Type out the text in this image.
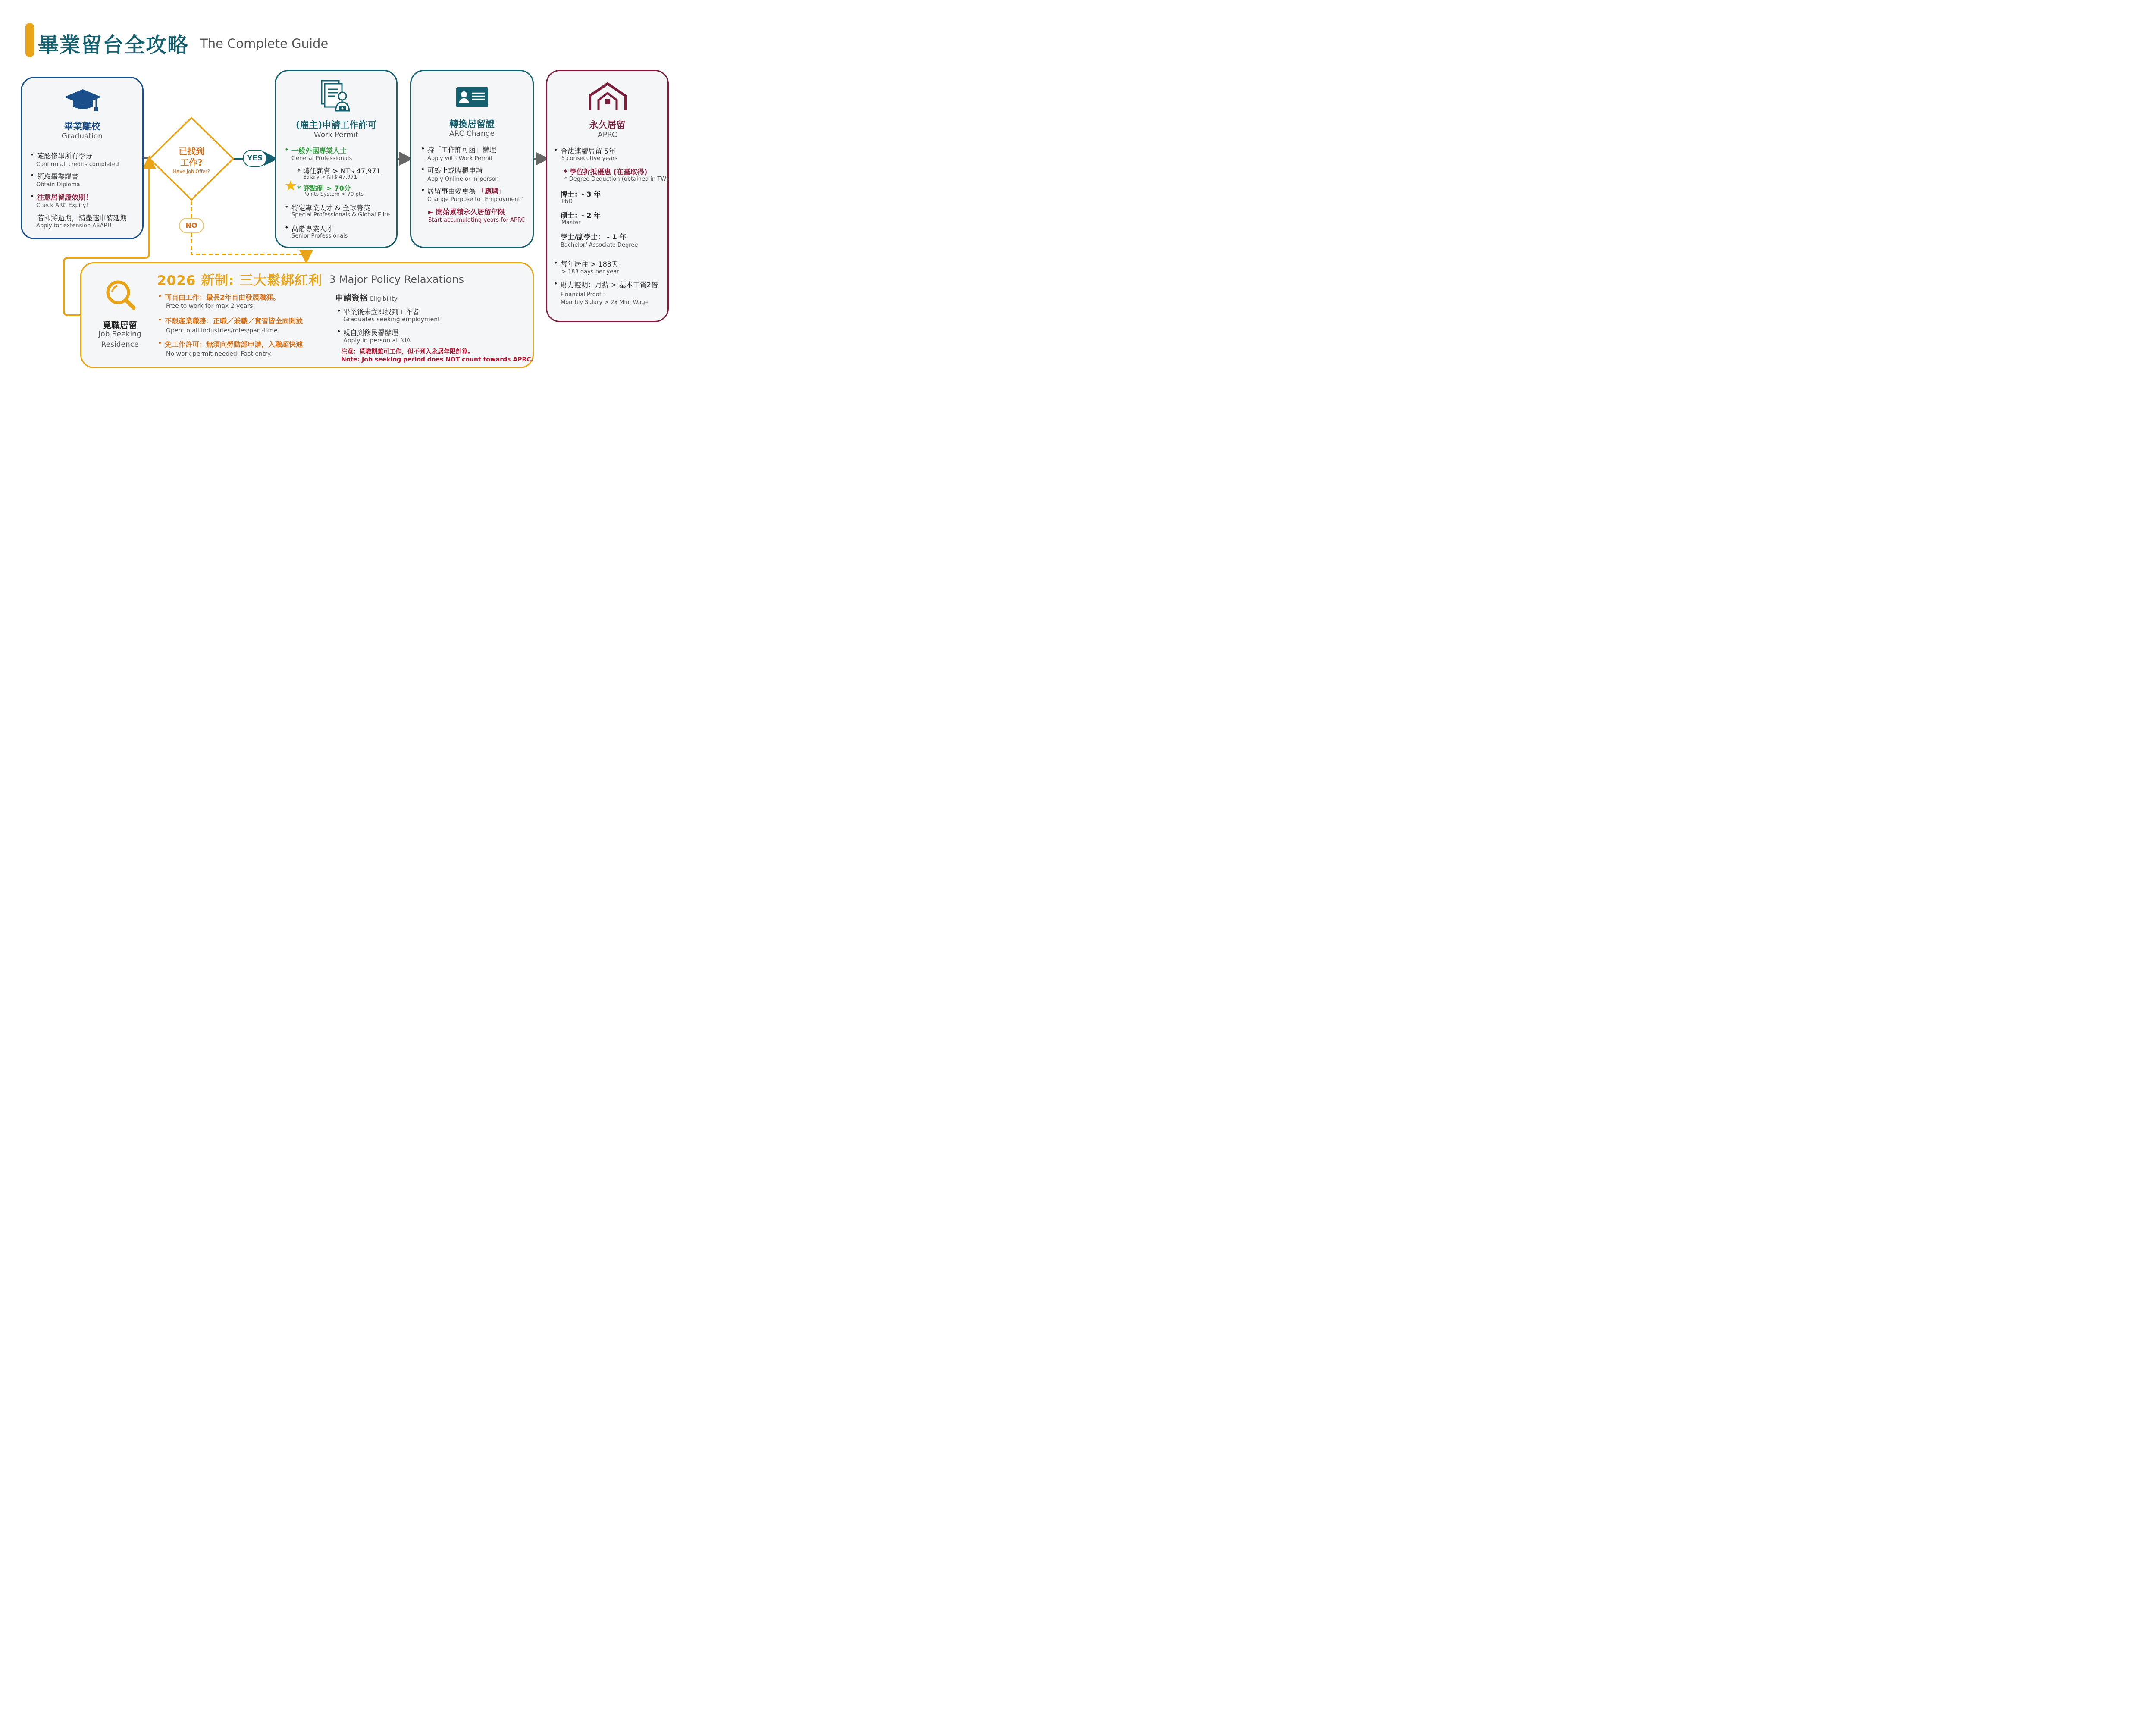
畢業留台全攻略 The Complete Guide
畢業離校
Graduation
• 確認修畢所有學分
Confirm all credits completed
• 領取畢業證書
Obtain Diploma
• 注意居留證效期！
Check ARC Expiry!
若即將過期，請盡速申請延期
Apply for extension ASAP!!
已找到
工作?
Have Job Offer?
YES
NO
(雇主)申請工作許可
Work Permit
• 一般外國專業人士
General Professionals
* 聘任薪資 > NT$ 47,971
Salary > NT$ 47,971
★ * 評點制 > 70分
Points System > 70 pts
• 特定專業人才 & 全球菁英
Special Professionals & Global Elite
• 高階專業人才
Senior Professionals
轉換居留證
ARC Change
• 持「工作許可函」辦理
Apply with Work Permit
• 可線上或臨櫃申請
Apply Online or In-person
• 居留事由變更為 「應聘」
Change Purpose to "Employment"
► 開始累積永久居留年限
Start accumulating years for APRC
永久居留
APRC
• 合法連續居留 5年
5 consecutive years
* 學位折抵優惠 (在臺取得)
* Degree Deduction (obtained in TW)
博士：- 3 年
PhD
碩士：- 2 年
Master
學士/副學士： - 1 年
Bachelor/ Associate Degree
• 每年居住 > 183天
> 183 days per year
• 財力證明：月薪 > 基本工資2倍
Financial Proof :
Monthly Salary > 2x Min. Wage
覓職居留
Job Seeking
Residence
2026 新制: 三大鬆綁紅利 3 Major Policy Relaxations
• 可自由工作：最長2年自由發展職涯。
Free to work for max 2 years.
• 不限產業職務：正職／兼職／實習皆全面開放
Open to all industries/roles/part-time.
• 免工作許可：無須向勞動部申請，入職超快速
No work permit needed. Fast entry.
申請資格 Eligibility
• 畢業後未立即找到工作者
Graduates seeking employment
• 親自到移民署辦理
Apply in person at NIA
注意：覓職期雖可工作，但不列入永居年限計算。
Note: Job seeking period does NOT count towards APRC.
